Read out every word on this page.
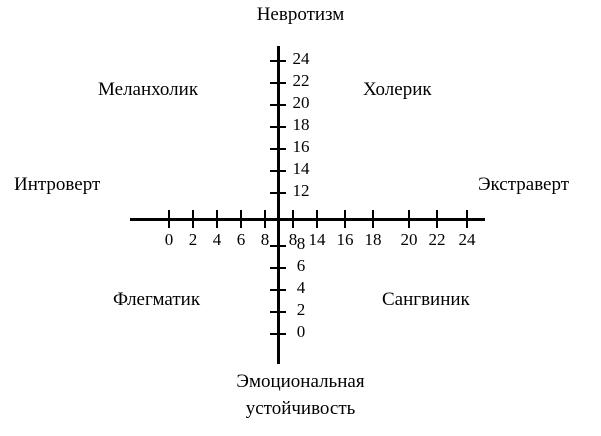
Невротизм
Эмоциональная
устойчивость
Интроверт	Экстраверт
Меланхолик	Холерик
Флегматик	Сангвиник
0 2 4 6 8	8 14 16 18 20 22 24
24
22
20
18
16
14
12
8
6
4
2
0
